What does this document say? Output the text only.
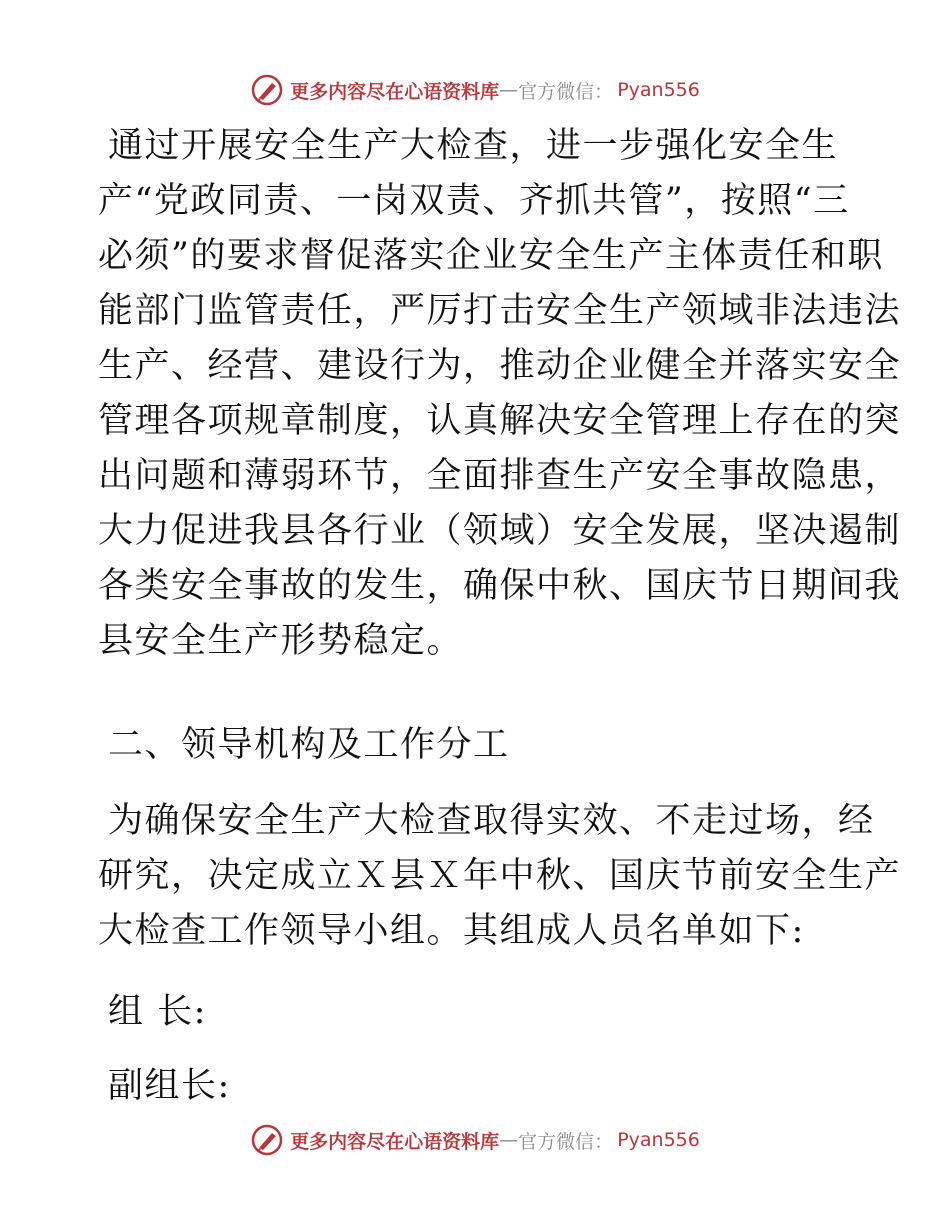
更多内容尽在心语资料库 — 官方微信： Pyan556
通过开展安全生产大检查，进一步强化安全生
产“党政同责、一岗双责、齐抓共管”，按照“三
必须”的要求督促落实企业安全生产主体责任和职
能部门监管责任，严厉打击安全生产领域非法违法
生产、经营、建设行为，推动企业健全并落实安全
管理各项规章制度，认真解决安全管理上存在的突
出问题和薄弱环节，全面排查生产安全事故隐患，
大力促进我县各行业（领域）安全发展，坚决遏制
各类安全事故的发生，确保中秋、国庆节日期间我
县安全生产形势稳定。
二、领导机构及工作分工
为确保安全生产大检查取得实效、不走过场，经
研究，决定成立Ｘ县Ｘ年中秋、国庆节前安全生产
大检查工作领导小组。其组成人员名单如下:
组 长:
副组长:
更多内容尽在心语资料库 — 官方微信： Pyan556
